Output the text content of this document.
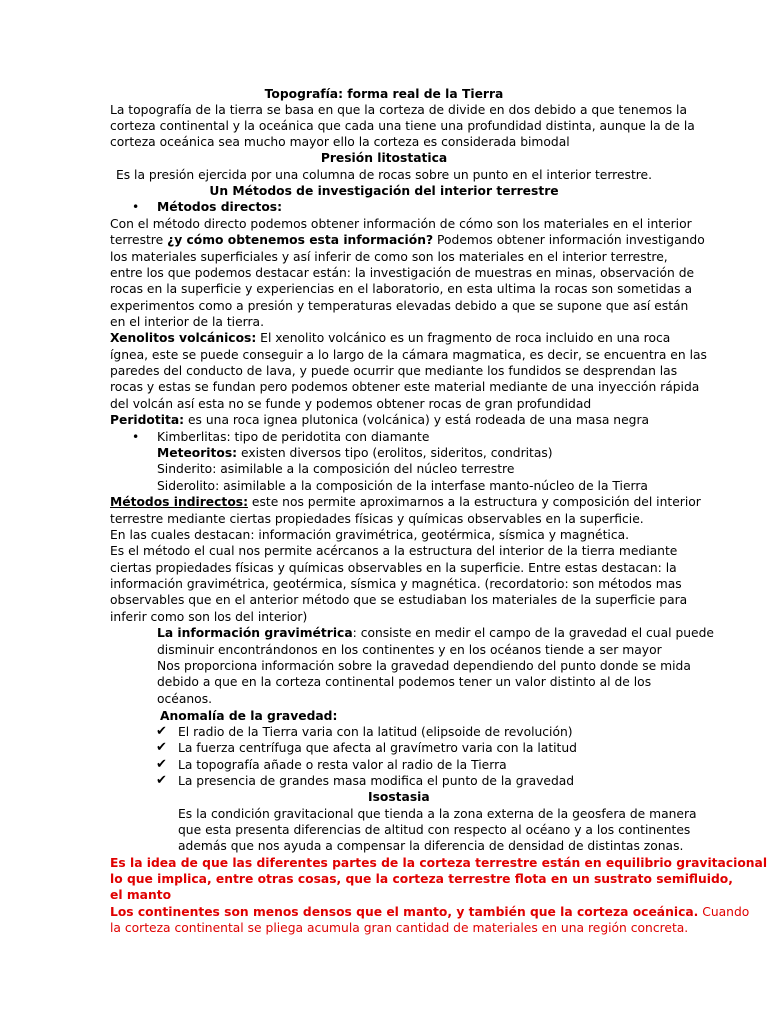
Topografía: forma real de la Tierra
La topografía de la tierra se basa en que la corteza de divide en dos debido a que tenemos la
corteza continental y la oceánica que cada una tiene una profundidad distinta, aunque la de la
corteza oceánica sea mucho mayor ello la corteza es considerada bimodal
Presión litostatica
Es la presión ejercida por una columna de rocas sobre un punto en el interior terrestre.
Un Métodos de investigación del interior terrestre
• Métodos directos:
Con el método directo podemos obtener información de cómo son los materiales en el interior
terrestre ¿y cómo obtenemos esta información? Podemos obtener información investigando
los materiales superficiales y así inferir de como son los materiales en el interior terrestre,
entre los que podemos destacar están: la investigación de muestras en minas, observación de
rocas en la superficie y experiencias en el laboratorio, en esta ultima la rocas son sometidas a
experimentos como a presión y temperaturas elevadas debido a que se supone que así están
en el interior de la tierra.
Xenolitos volcánicos: El xenolito volcánico es un fragmento de roca incluido en una roca
ígnea, este se puede conseguir a lo largo de la cámara magmatica, es decir, se encuentra en las
paredes del conducto de lava, y puede ocurrir que mediante los fundidos se desprendan las
rocas y estas se fundan pero podemos obtener este material mediante de una inyección rápida
del volcán así esta no se funde y podemos obtener rocas de gran profundidad
Peridotita: es una roca ignea plutonica (volcánica) y está rodeada de una masa negra
• Kimberlitas: tipo de peridotita con diamante
Meteoritos: existen diversos tipo (erolitos, sideritos, condritas)
Sinderito: asimilable a la composición del núcleo terrestre
Siderolito: asimilable a la composición de la interfase manto-núcleo de la Tierra
Métodos indirectos: este nos permite aproximarnos a la estructura y composición del interior
terrestre mediante ciertas propiedades físicas y químicas observables en la superficie.
En las cuales destacan: información gravimétrica, geotérmica, sísmica y magnética.
Es el método el cual nos permite acércanos a la estructura del interior de la tierra mediante
ciertas propiedades físicas y químicas observables en la superficie. Entre estas destacan: la
información gravimétrica, geotérmica, sísmica y magnética. (recordatorio: son métodos mas
observables que en el anterior método que se estudiaban los materiales de la superficie para
inferir como son los del interior)
La información gravimétrica: consiste en medir el campo de la gravedad el cual puede
disminuir encontrándonos en los continentes y en los océanos tiende a ser mayor
Nos proporciona información sobre la gravedad dependiendo del punto donde se mida
debido a que en la corteza continental podemos tener un valor distinto al de los
océanos.
Anomalía de la gravedad:
✔ El radio de la Tierra varia con la latitud (elipsoide de revolución)
✔ La fuerza centrífuga que afecta al gravímetro varia con la latitud
✔ La topografía añade o resta valor al radio de la Tierra
✔ La presencia de grandes masa modifica el punto de la gravedad
Isostasia
Es la condición gravitacional que tienda a la zona externa de la geosfera de manera
que esta presenta diferencias de altitud con respecto al océano y a los continentes
además que nos ayuda a compensar la diferencia de densidad de distintas zonas.
Es la idea de que las diferentes partes de la corteza terrestre están en equilibrio gravitacional
lo que implica, entre otras cosas, que la corteza terrestre flota en un sustrato semifluido,
el manto
Los continentes son menos densos que el manto, y también que la corteza oceánica. Cuando
la corteza continental se pliega acumula gran cantidad de materiales en una región concreta.
